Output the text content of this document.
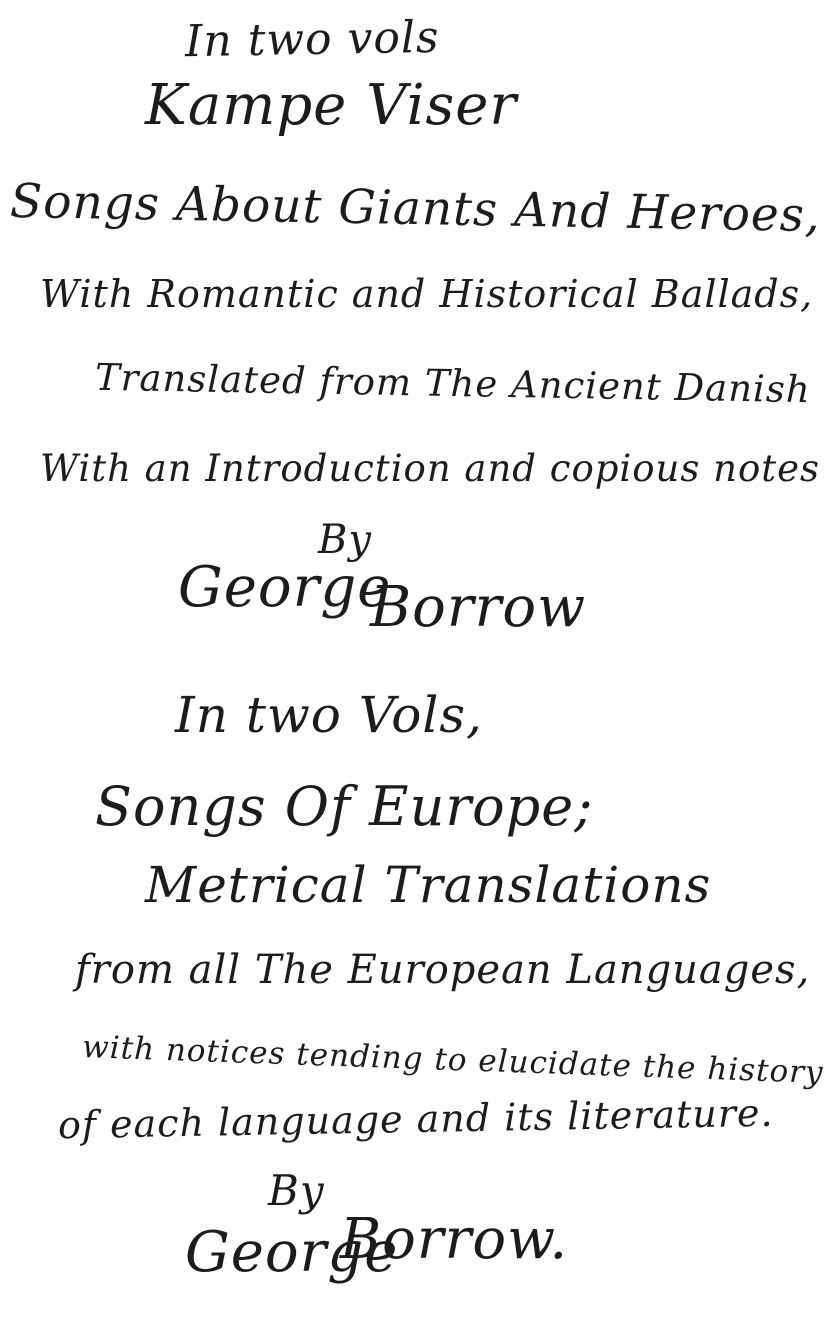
In two vols
Kampe Viser
Songs About Giants And Heroes,
With Romantic and Historical Ballads,
Translated from The Ancient Danish
With an Introduction and copious notes
By
George
Borrow
In two Vols,
Songs Of Europe;
Metrical Translations
from all The European Languages,
with notices tending to elucidate the history
of each language and its literature.
By
George
Borrow.
